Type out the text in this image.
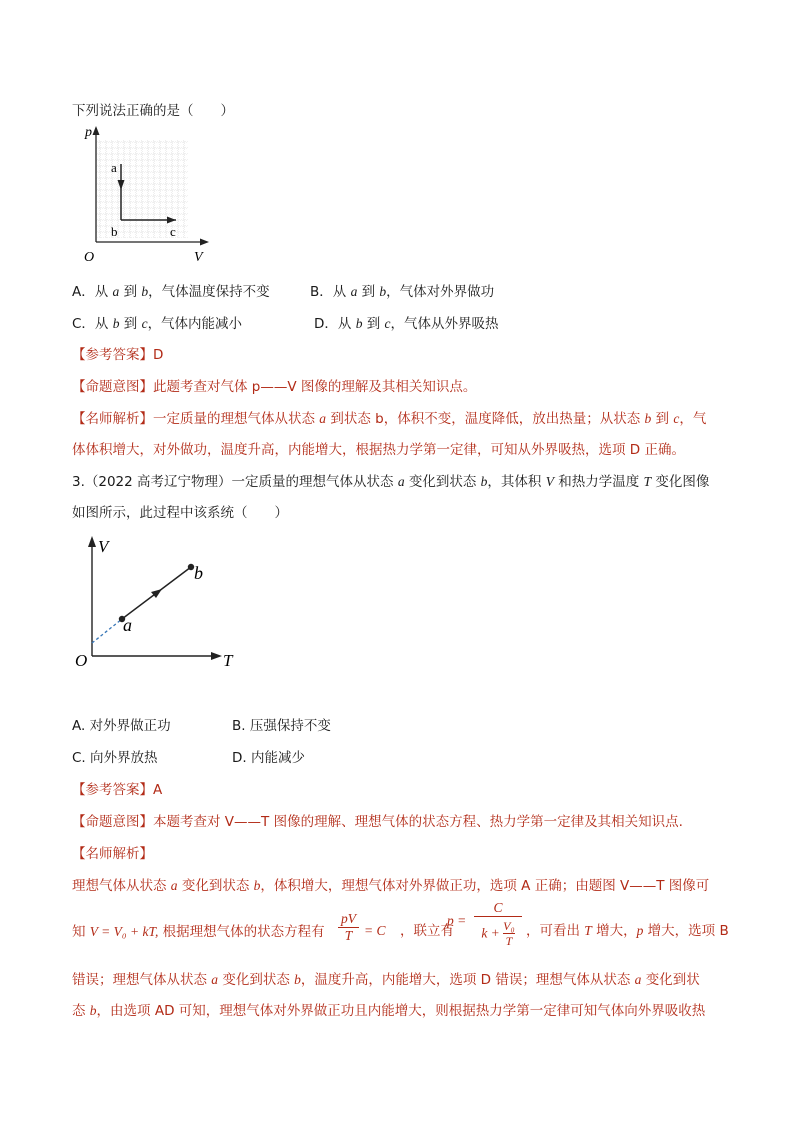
下列说法正确的是（　　）
p
V
O
a
b	c
A．从 a 到 b，气体温度保持不变	B．从 a 到 b，气体对外界做功
C．从 b 到 c，气体内能减小	D．从 b 到 c，气体从外界吸热
【参考答案】D
【命题意图】此题考查对气体 p——V 图像的理解及其相关知识点。
【名师解析】一定质量的理想气体从状态 a 到状态 b，体积不变，温度降低，放出热量；从状态 b 到 c，气
体体积增大，对外做功，温度升高，内能增大，根据热力学第一定律，可知从外界吸热，选项 D 正确。
3.（2022 高考辽宁物理）一定质量的理想气体从状态 a 变化到状态 b，其体积 V 和热力学温度 T 变化图像
如图所示，此过程中该系统（　　）
V
T
O
a
b
A. 对外界做正功	B. 压强保持不变
C. 向外界放热	D. 内能减少
【参考答案】A
【命题意图】本题考查对 V——T 图像的理解、理想气体的状态方程、热力学第一定律及其相关知识点.
【名师解析】
理想气体从状态 a 变化到状态 b，体积增大，理想气体对外界做正功，选项 A 正确；由题图 V——T 图像可
知 V = V₀ + kT, 根据理想气体的状态方程有
pV
T = C ，联立有
p =
C
$k + \frac{\text{V₀}}{T}$ ，可看出 T 增大，p 增大，选项 B
错误；理想气体从状态 a 变化到状态 b，温度升高，内能增大，选项 D 错误；理想气体从状态 a 变化到状
态 b，由选项 AD 可知，理想气体对外界做正功且内能增大，则根据热力学第一定律可知气体向外界吸收热
